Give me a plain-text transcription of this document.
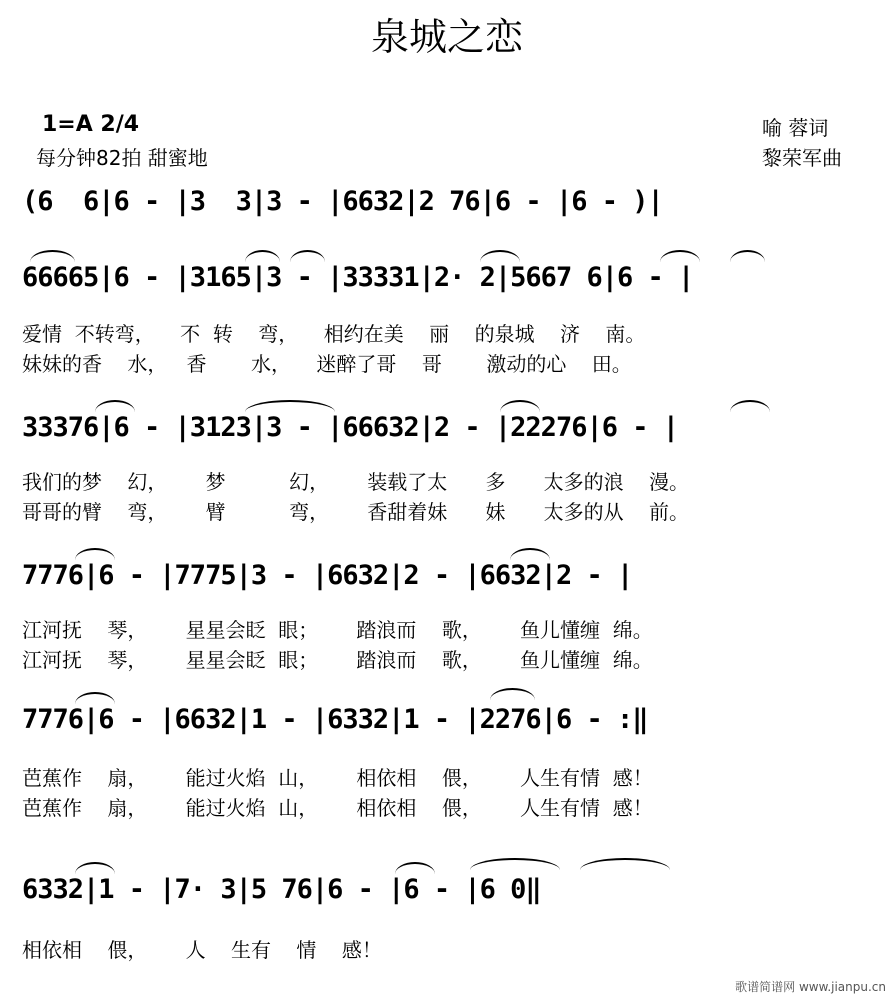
泉城之恋
1=A 2/4
每分钟82拍 甜蜜地
喻 蓉词
黎荣军曲
(6  6|6 - |3  3|3 - |6632|2 76|6 - |6 - )|
66665|6 - |3165|3 - |33331|2· 2|5667 6|6 - |
爱情  不转弯，    不  转    弯，    相约在美    丽    的泉城    济    南。
妹妹的香    水，   香       水，    迷醉了哥    哥       激动的心    田。
33376|6 - |3123|3 - |66632|2 - |22276|6 - |
我们的梦    幻，      梦          幻，      装载了太      多      太多的浪    漫。
哥哥的臂    弯，      臂          弯，      香甜着妹      妹      太多的从    前。
7776|6 - |7775|3 - |6632|2 - |6632|2 - |
江河抚    琴，      星星会眨  眼；      踏浪而    歌，      鱼儿懂缠  绵。
江河抚    琴，      星星会眨  眼；      踏浪而    歌，      鱼儿懂缠  绵。
7776|6 - |6632|1 - |6332|1 - |2276|6 - :‖
芭蕉作    扇，      能过火焰  山，      相依相    偎，      人生有情  感！
芭蕉作    扇，      能过火焰  山，      相依相    偎，      人生有情  感！
6332|1 - |7· 3|5 76|6 - |6 - |6 0‖
相依相    偎，      人    生有    情    感！
歌谱简谱网 www.jianpu.cn
